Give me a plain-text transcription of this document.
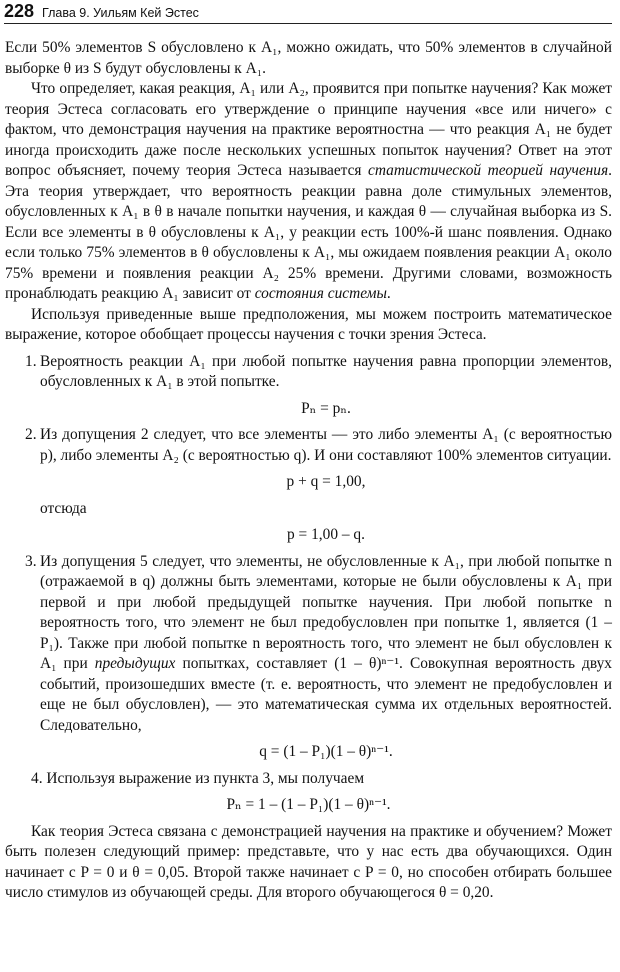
228 Глава 9. Уильям Кей Эстес

Если 50% элементов S обусловлено к A₁, можно ожидать, что 50% элементов в случайной выборке θ из S будут обусловлены к A₁.

Что определяет, какая реакция, A₁ или A₂, проявится при попытке научения? Как может теория Эстеса согласовать его утверждение о принципе научения «все или ничего» с фактом, что демонстрация научения на практике вероятностна — что реакция A₁ не будет иногда происходить даже после нескольких успешных попыток научения? Ответ на этот вопрос объясняет, почему теория Эстеса называется статистической теорией научения. Эта теория утверждает, что вероятность реакции равна доле стимульных элементов, обусловленных к A₁ в θ в начале попытки научения, и каждая θ — случайная выборка из S. Если все элементы в θ обусловлены к A₁, у реакции есть 100%-й шанс появления. Однако если только 75% элементов в θ обусловлены к A₁, мы ожидаем появления реакции A₁ около 75% времени и появления реакции A₂ 25% времени. Другими словами, возможность пронаблюдать реакцию A₁ зависит от состояния системы.

Используя приведенные выше предположения, мы можем построить математическое выражение, которое обобщает процессы научения с точки зрения Эстеса.

1. Вероятность реакции A₁ при любой попытке научения равна пропорции элементов, обусловленных к A₁ в этой попытке.

Pₙ = pₙ.
2. Из допущения 2 следует, что все элементы — это либо элементы A₁ (с вероятностью p), либо элементы A₂ (с вероятностью q). И они составляют 100% элементов ситуации.

p + q = 1,00,

отсюда

p = 1,00 – q.
3. Из допущения 5 следует, что элементы, не обусловленные к A₁, при любой попытке n (отражаемой в q) должны быть элементами, которые не были обусловлены к A₁ при первой и при любой предыдущей попытке научения. При любой попытке n вероятность того, что элемент не был предобусловлен при попытке 1, является (1 – P₁). Также при любой попытке n вероятность того, что элемент не был обусловлен к A₁ при предыдущих попытках, составляет (1 – θ)ⁿ⁻¹. Совокупная вероятность двух событий, произошедших вместе (т. е. вероятность, что элемент не предобусловлен и еще не был обусловлен), — это математическая сумма их отдельных вероятностей. Следовательно,

q = (1 – P₁)(1 – θ)ⁿ⁻¹.

4. Используя выражение из пункта 3, мы получаем

Pₙ = 1 – (1 – P₁)(1 – θ)ⁿ⁻¹.

Как теория Эстеса связана с демонстрацией научения на практике и обучением? Может быть полезен следующий пример: представьте, что у нас есть два обучающихся. Один начинает с P = 0 и θ = 0,05. Второй также начинает с P = 0, но способен отбирать большее число стимулов из обучающей среды. Для второго обучающегося θ = 0,20.
